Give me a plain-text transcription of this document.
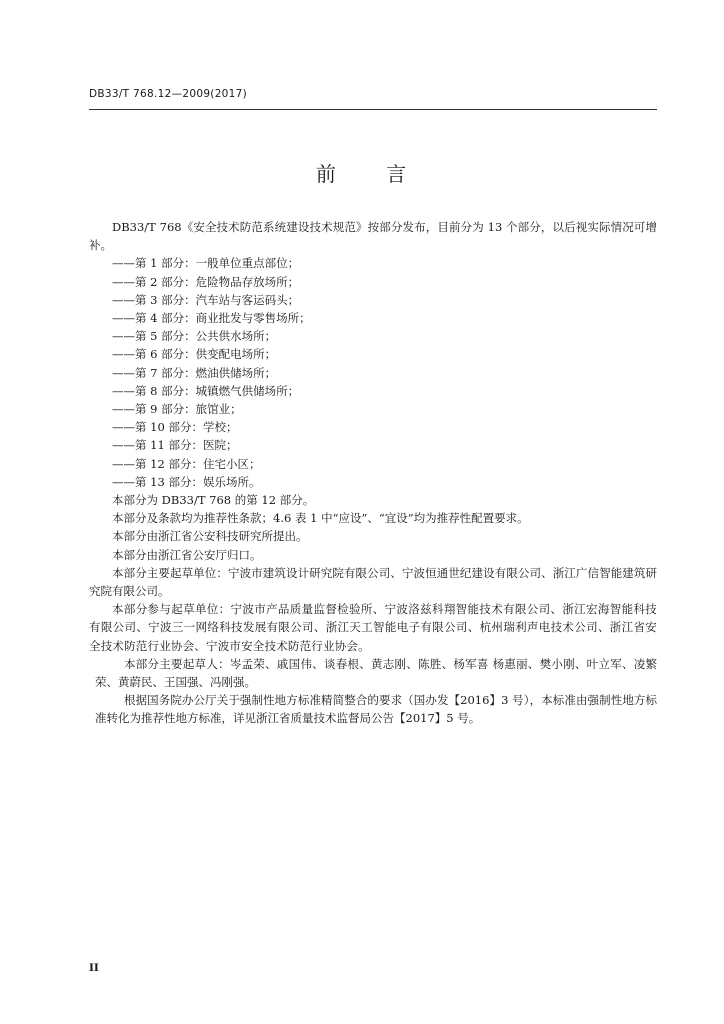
DB33/T 768.12—2009(2017)
前 言

DB33/T 768《安全技术防范系统建设技术规范》按部分发布，目前分为 13 个部分，以后视实际情况可增补。

——第 1 部分：一般单位重点部位；

——第 2 部分：危险物品存放场所；

——第 3 部分：汽车站与客运码头；

——第 4 部分：商业批发与零售场所；

——第 5 部分：公共供水场所；

——第 6 部分：供变配电场所；

——第 7 部分：燃油供储场所；

——第 8 部分：城镇燃气供储场所；

——第 9 部分：旅馆业；

——第 10 部分：学校；

——第 11 部分：医院；

——第 12 部分：住宅小区；

——第 13 部分：娱乐场所。

本部分为 DB33/T 768 的第 12 部分。

本部分及条款均为推荐性条款；4.6 表 1 中“应设”、“宜设”均为推荐性配置要求。

本部分由浙江省公安科技研究所提出。

本部分由浙江省公安厅归口。

本部分主要起草单位：宁波市建筑设计研究院有限公司、宁波恒通世纪建设有限公司、浙江广信智能建筑研究院有限公司。

本部分参与起草单位：宁波市产品质量监督检验所、宁波洛兹科翔智能技术有限公司、浙江宏海智能科技有限公司、宁波三一网络科技发展有限公司、浙江天工智能电子有限公司、杭州瑞利声电技术公司、浙江省安全技术防范行业协会、宁波市安全技术防范行业协会。

本部分主要起草人：岑孟荣、戚国伟、谈春根、黄志刚、陈胜、杨军喜 杨惠丽、樊小刚、叶立军、凌繁荣、黄蔚民、王国强、冯刚强。

根据国务院办公厅关于强制性地方标准精简整合的要求（国办发【2016】3 号），本标准由强制性地方标准转化为推荐性地方标准，详见浙江省质量技术监督局公告【2017】5 号。

II
